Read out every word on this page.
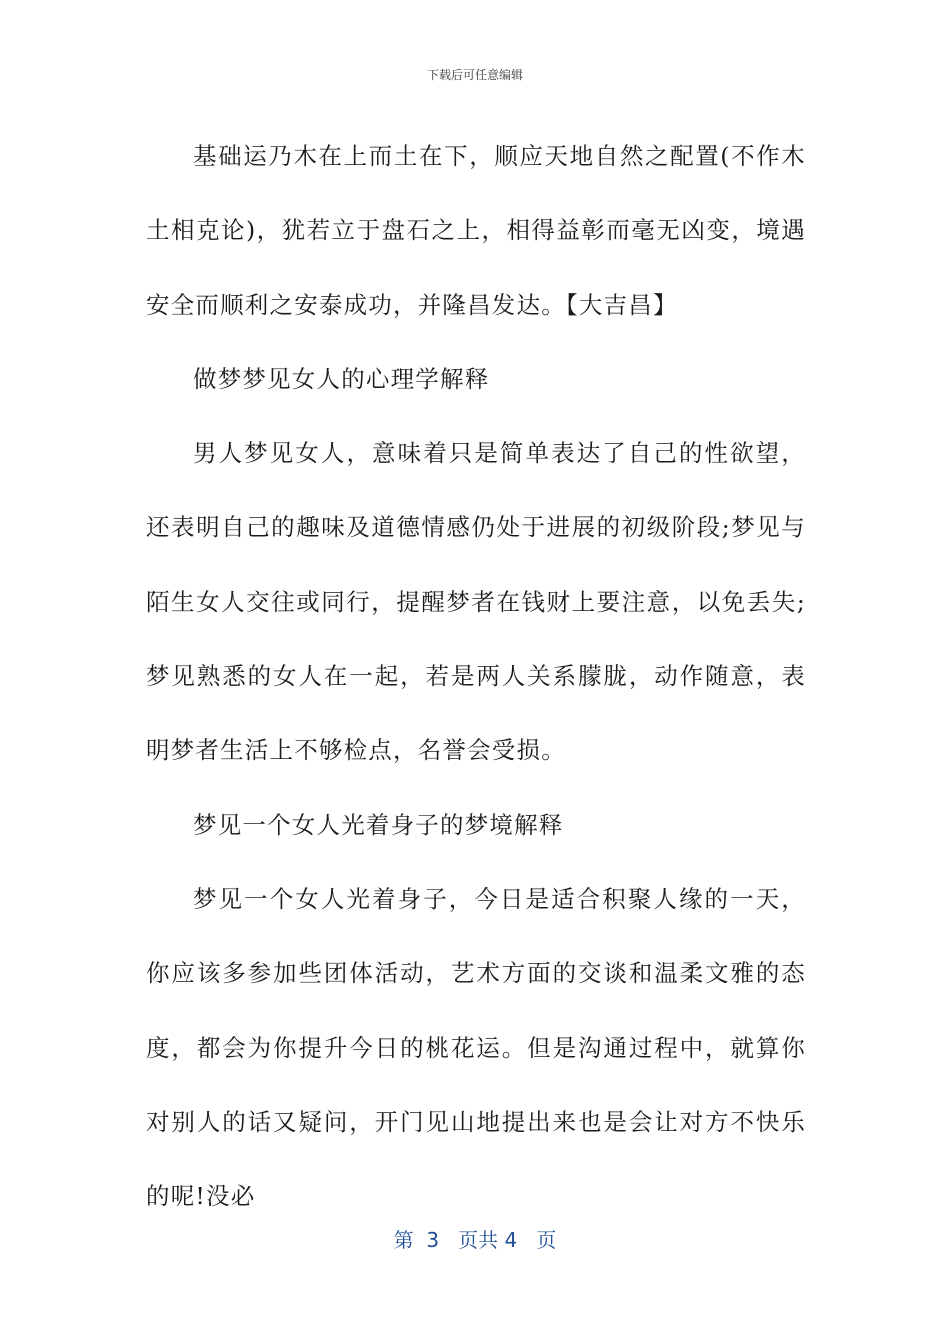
下载后可任意编辑

基础运乃木在上而土在下，顺应天地自然之配置(不作木土相克论)，犹若立于盘石之上，相得益彰而毫无凶变，境遇安全而顺利之安泰成功，并隆昌发达。【大吉昌】

做梦梦见女人的心理学解释

男人梦见女人，意味着只是简单表达了自己的性欲望，还表明自己的趣味及道德情感仍处于进展的初级阶段;梦见与陌生女人交往或同行，提醒梦者在钱财上要注意，以免丢失;梦见熟悉的女人在一起，若是两人关系朦胧，动作随意，表明梦者生活上不够检点，名誉会受损。

梦见一个女人光着身子的梦境解释

梦见一个女人光着身子，今日是适合积聚人缘的一天，你应该多参加些团体活动，艺术方面的交谈和温柔文雅的态度，都会为你提升今日的桃花运。但是沟通过程中，就算你对别人的话又疑问，开门见山地提出来也是会让对方不快乐的呢!没必

第 3 页共 4 页
